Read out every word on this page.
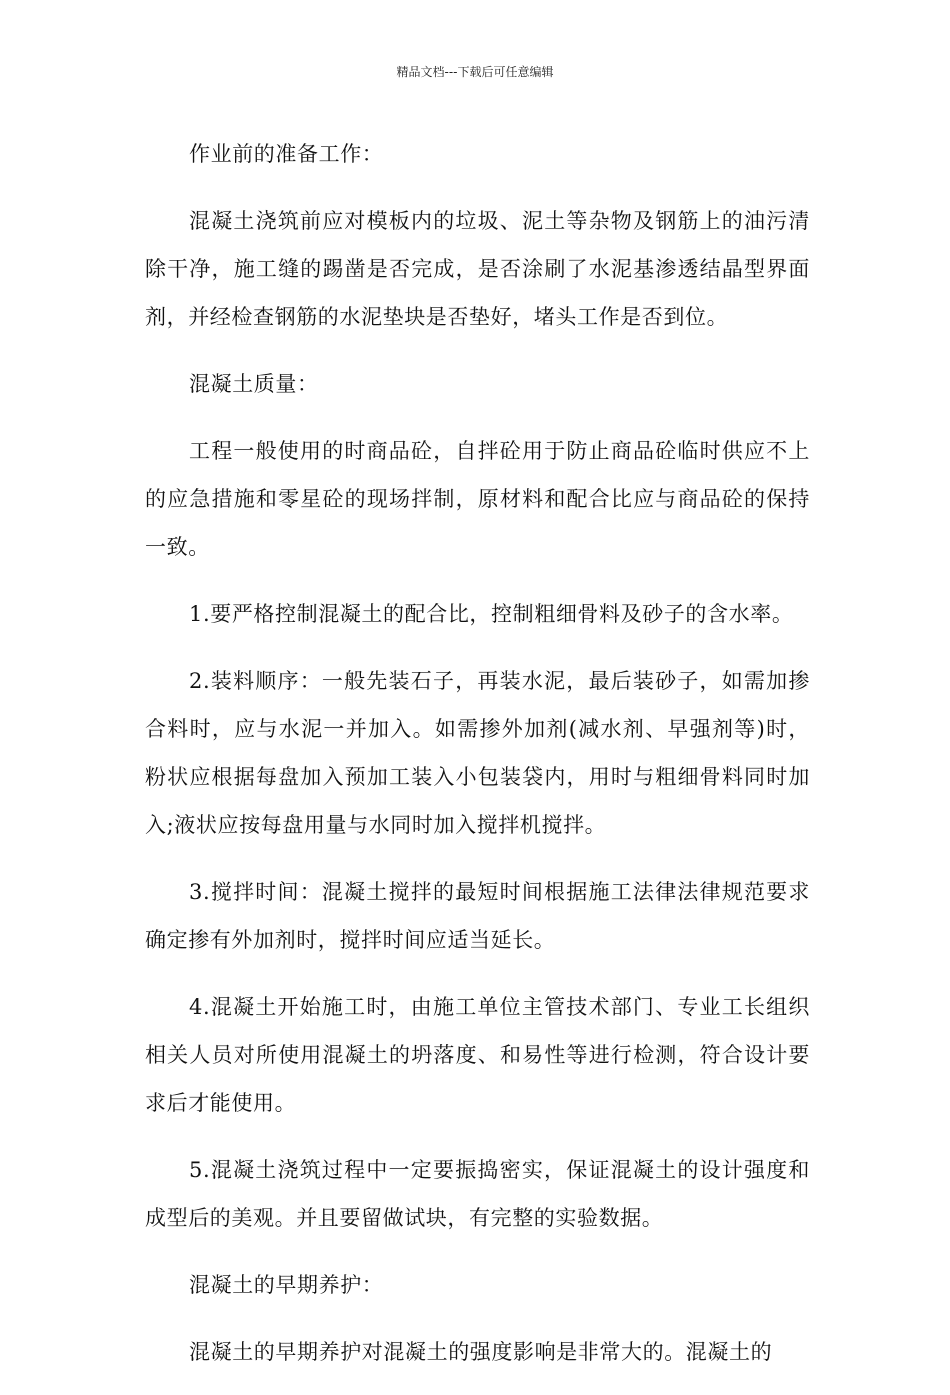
精品文档---下载后可任意编辑

作业前的准备工作：

混凝土浇筑前应对模板内的垃圾、泥土等杂物及钢筋上的油污清除干净，施工缝的踢凿是否完成，是否涂刷了水泥基渗透结晶型界面剂，并经检查钢筋的水泥垫块是否垫好，堵头工作是否到位。

混凝土质量：

工程一般使用的时商品砼，自拌砼用于防止商品砼临时供应不上的应急措施和零星砼的现场拌制，原材料和配合比应与商品砼的保持一致。

1.要严格控制混凝土的配合比，控制粗细骨料及砂子的含水率。

2.装料顺序：一般先装石子，再装水泥，最后装砂子，如需加掺合料时，应与水泥一并加入。如需掺外加剂(减水剂、早强剂等)时，粉状应根据每盘加入预加工装入小包装袋内，用时与粗细骨料同时加入;液状应按每盘用量与水同时加入搅拌机搅拌。

3.搅拌时间：混凝土搅拌的最短时间根据施工法律法律规范要求确定掺有外加剂时，搅拌时间应适当延长。

4.混凝土开始施工时，由施工单位主管技术部门、专业工长组织相关人员对所使用混凝土的坍落度、和易性等进行检测，符合设计要求后才能使用。

5.混凝土浇筑过程中一定要振捣密实，保证混凝土的设计强度和成型后的美观。并且要留做试块，有完整的实验数据。

混凝土的早期养护：

混凝土的早期养护对混凝土的强度影响是非常大的。混凝土的
